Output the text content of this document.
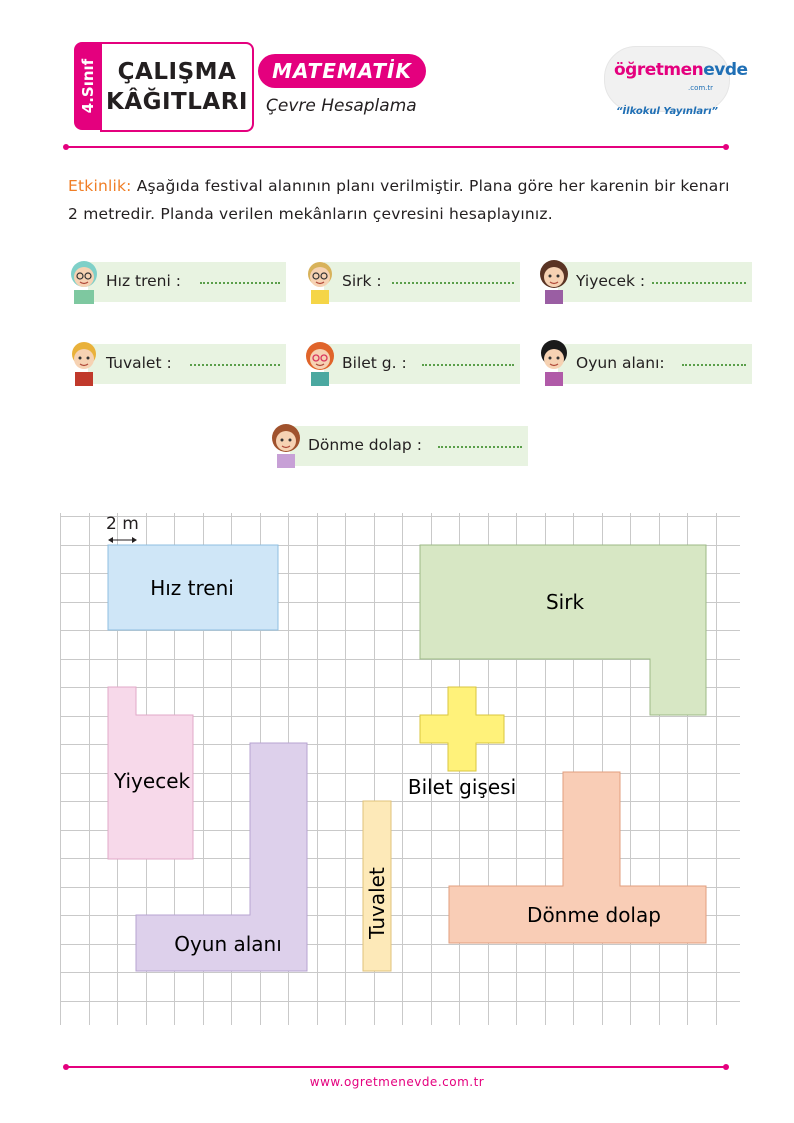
4.Sınıf ÇALIŞMA
KÂĞITLARI
MATEMATİK
Çevre Hesaplama
öğretmenevde
.com.tr
“İlkokul Yayınları”
Etkinlik: Aşağıda festival alanının planı verilmiştir. Plana göre her karenin bir kenarı 2 metredir. Planda verilen mekânların çevresini hesaplayınız.
Hız treni :	Sirk :	Yiyecek :
Tuvalet :	Bilet g. :	Oyun alanı:
Dönme dolap :
2 m
Hız treni
Sirk
Yiyecek	Bilet gişesi
Tuvalet
Oyun alanı
Dönme dolap
www.ogretmenevde.com.tr
